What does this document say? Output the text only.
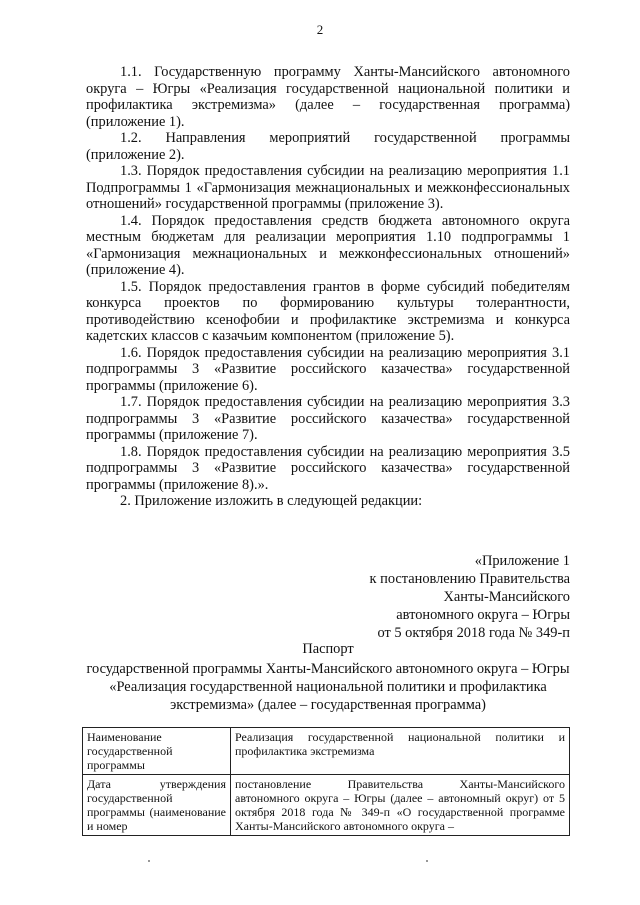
2

1.1. Государственную программу Ханты-Мансийского автономного округа – Югры «Реализация государственной национальной политики и профилактика экстремизма» (далее – государственная программа) (приложение 1).

1.2. Направления мероприятий государственной программы (приложение 2).

1.3. Порядок предоставления субсидии на реализацию мероприятия 1.1 Подпрограммы 1 «Гармонизация межнациональных и межконфессиональных отношений» государственной программы (приложение 3).

1.4. Порядок предоставления средств бюджета автономного округа местным бюджетам для реализации мероприятия 1.10 подпрограммы 1 «Гармонизация межнациональных и межконфессиональных отношений» (приложение 4).

1.5. Порядок предоставления грантов в форме субсидий победителям конкурса проектов по формированию культуры толерантности, противодействию ксенофобии и профилактике экстремизма и конкурса кадетских классов с казачьим компонентом (приложение 5).

1.6. Порядок предоставления субсидии на реализацию мероприятия 3.1 подпрограммы 3 «Развитие российского казачества» государственной программы (приложение 6).

1.7. Порядок предоставления субсидии на реализацию мероприятия 3.3 подпрограммы 3 «Развитие российского казачества» государственной программы (приложение 7).

1.8. Порядок предоставления субсидии на реализацию мероприятия 3.5 подпрограммы 3 «Развитие российского казачества» государственной программы (приложение 8).».

2. Приложение изложить в следующей редакции:

«Приложение 1
к постановлению Правительства
Ханты-Мансийского
автономного округа – Югры
от 5 октября 2018 года № 349-п
Паспорт
государственной программы Ханты-Мансийского автономного округа – Югры «Реализация государственной национальной политики и профилактика экстремизма» (далее – государственная программа)
Наименование государственной программы	Реализация государственной национальной политики и профилактика экстремизма
Дата утверждения государственной программы (наименование и номер	постановление Правительства Ханты-Мансийского автономного округа – Югры (далее – автономный округ) от 5 октября 2018 года № 349-п «О государственной программе Ханты-Мансийского автономного округа –
